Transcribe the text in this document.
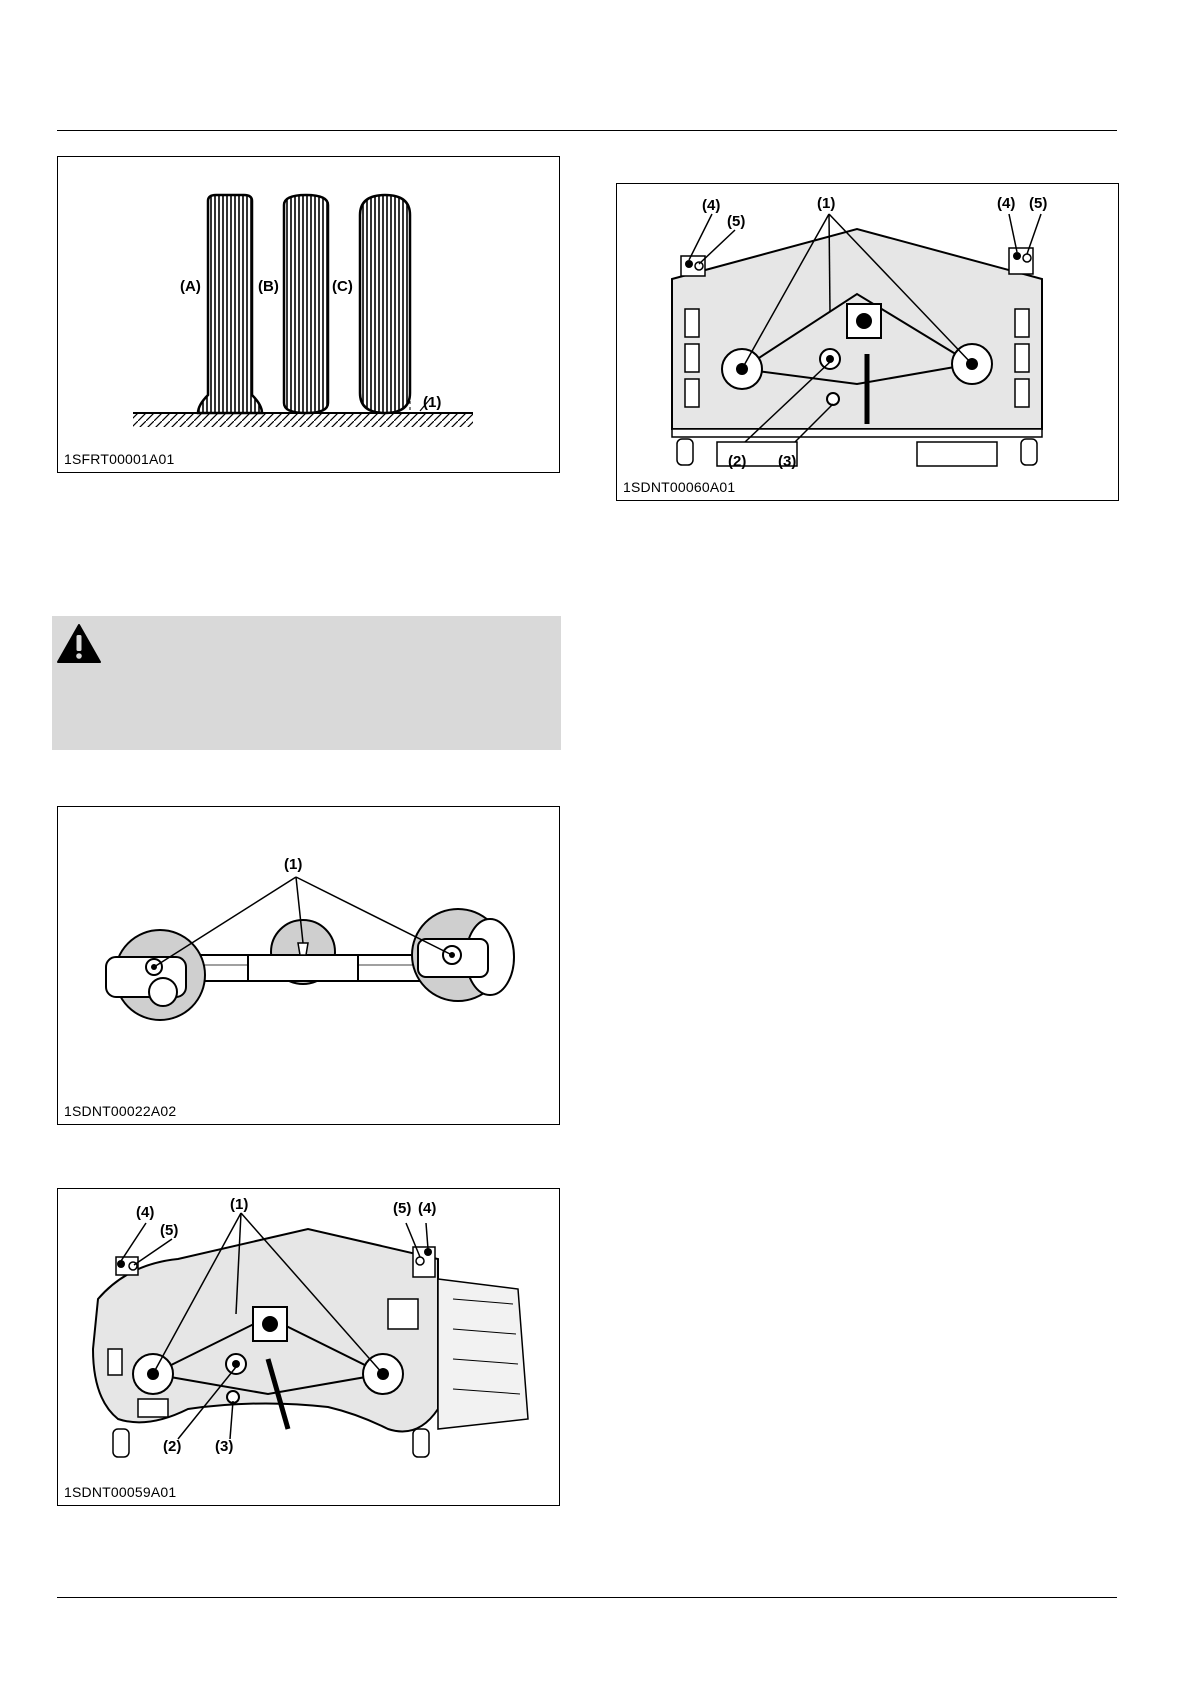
(A)	(B)	(C)
(1)
1SFRT00001A01
(1)
1SDNT00022A02
(1)
(2) (3)
(4)
(5)
(5) (4)
1SDNT00059A01
(1)
(2) (3)
(4)
(5)
(4) (5)
1SDNT00060A01
